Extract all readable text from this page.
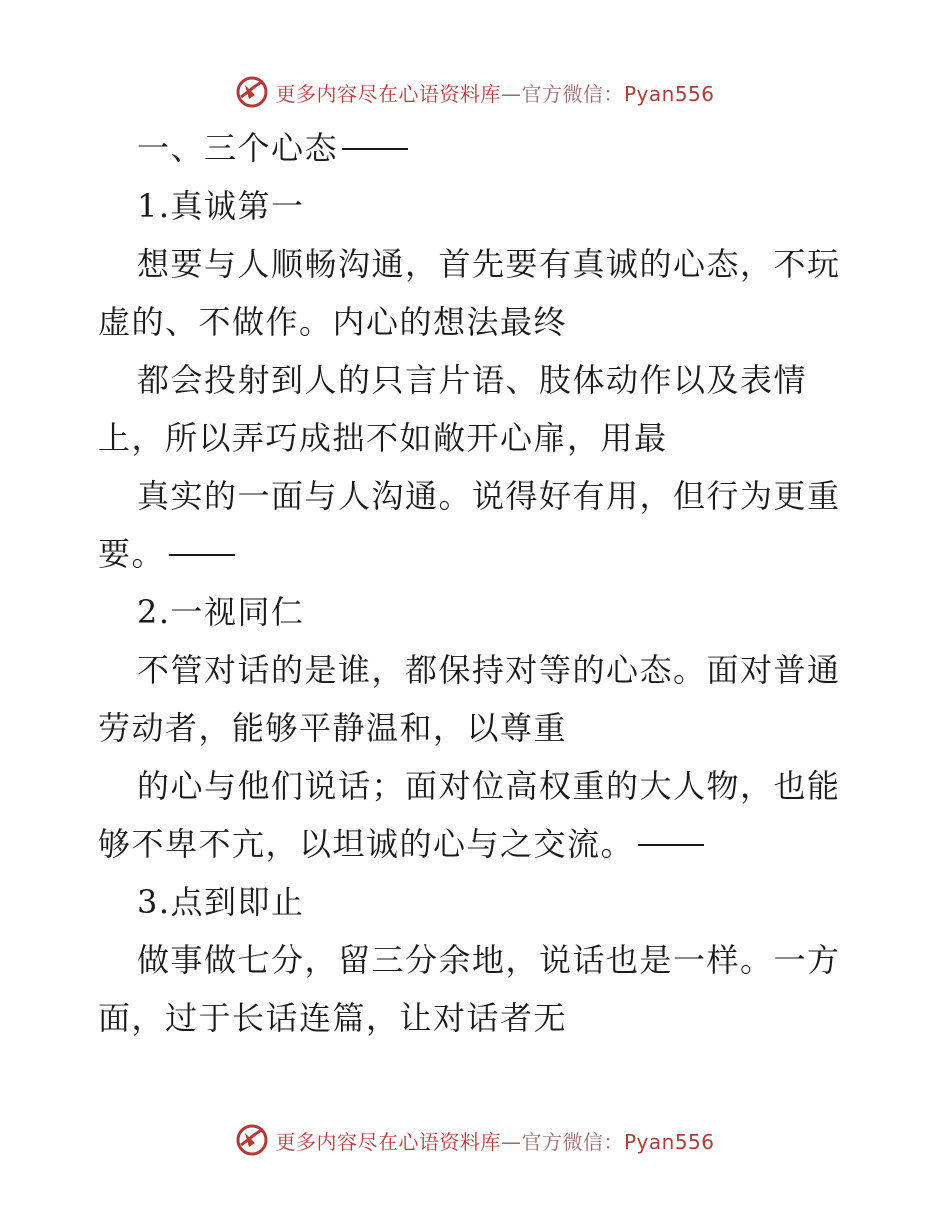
更多内容尽在心语资料库—官方微信：Pyan556
一、三个心态
1.真诚第一
想要与人顺畅沟通，首先要有真诚的心态，不玩
虚的、不做作。内心的想法最终
都会投射到人的只言片语、肢体动作以及表情
上，所以弄巧成拙不如敞开心扉，用最
真实的一面与人沟通。说得好有用，但行为更重
要。
2.一视同仁
不管对话的是谁，都保持对等的心态。面对普通
劳动者，能够平静温和，以尊重
的心与他们说话；面对位高权重的大人物，也能
够不卑不亢，以坦诚的心与之交流。
3.点到即止
做事做七分，留三分余地，说话也是一样。一方
面，过于长话连篇，让对话者无
更多内容尽在心语资料库—官方微信：Pyan556
